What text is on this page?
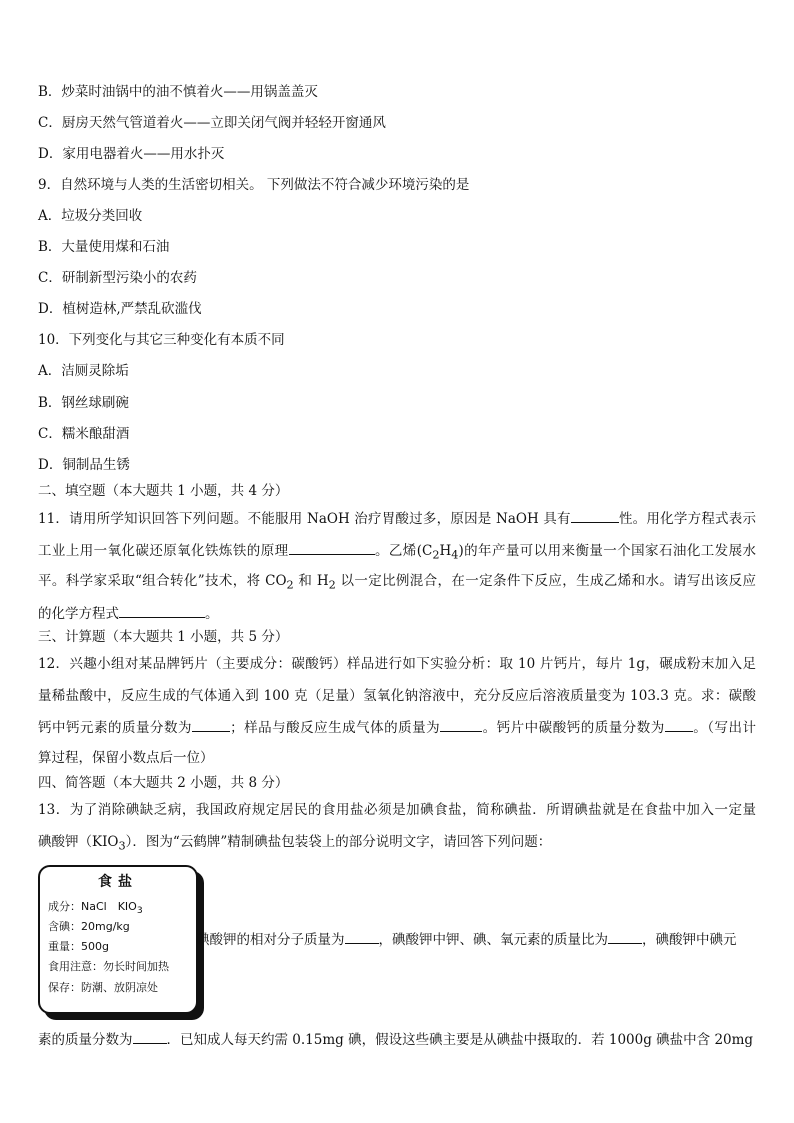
B．炒菜时油锅中的油不慎着火——用锅盖盖灭
C．厨房天然气管道着火——立即关闭气阀并轻轻开窗通风
D．家用电器着火——用水扑灭
9．自然环境与人类的生活密切相关。 下列做法不符合减少环境污染的是
A．垃圾分类回收
B．大量使用煤和石油
C．研制新型污染小的农药
D．植树造林,严禁乱砍滥伐
10．下列变化与其它三种变化有本质不同
A．洁厕灵除垢
B．钢丝球刷碗
C．糯米酿甜酒
D．铜制品生锈
二、填空题（本大题共 1 小题，共 4 分）
11．请用所学知识回答下列问题。不能服用 NaOH 治疗胃酸过多，原因是 NaOH 具有	性。用化学方程式表示
工业上用一氧化碳还原氧化铁炼铁的原理	。乙烯$(C_2H_4)$的年产量可以用来衡量一个国家石油化工发展水
平。科学家采取“组合转化”技术，将 $CO_2$ 和 $H_2$ 以一定比例混合，在一定条件下反应，生成乙烯和水。请写出该反应
的化学方程式	。
三、计算题（本大题共 1 小题，共 5 分）
12．兴趣小组对某品牌钙片（主要成分：碳酸钙）样品进行如下实验分析：取 10 片钙片，每片 1g，碾成粉末加入足
量稀盐酸中，反应生成的气体通入到 100 克（足量）氢氧化钠溶液中，充分反应后溶液质量变为 103.3 克。求：碳酸
钙中钙元素的质量分数为	；样品与酸反应生成气体的质量为	。钙片中碳酸钙的质量分数为 。（写出计
算过程，保留小数点后一位）
四、简答题（本大题共 2 小题，共 8 分）
13．为了消除碘缺乏病，我国政府规定居民的食用盐必须是加碘食盐，简称碘盐．所谓碘盐就是在食盐中加入一定量
碘酸钾$(KIO_3)$．图为“云鹤牌”精制碘盐包装袋上的部分说明文字，请回答下列问题：
食盐
成分：NaCl　$KIO_3$
含碘：20mg/kg
重量：500g
食用注意：勿长时间加热
保存：防潮、放阴凉处
碘酸钾的相对分子质量为	，碘酸钾中钾、碘、氧元素的质量比为	，碘酸钾中碘元
素的质量分数为	．已知成人每天约需 0.15mg 碘，假设这些碘主要是从碘盐中摄取的．若 1000g 碘盐中含 20mg
